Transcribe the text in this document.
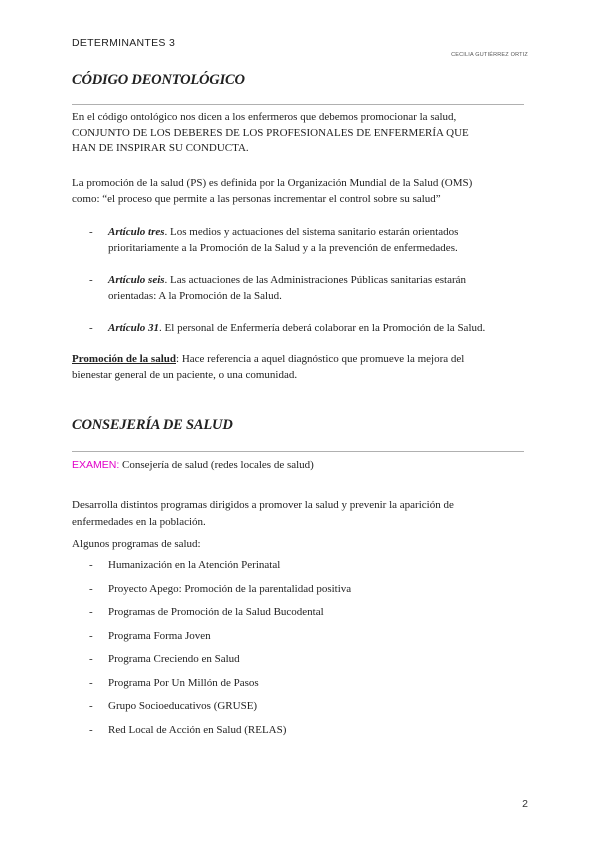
DETERMINANTES 3
CECILIA GUTIÉRREZ ORTIZ
CÓDIGO DEONTOLÓGICO
En el código ontológico nos dicen a los enfermeros que debemos promocionar la salud,
CONJUNTO DE LOS DEBERES DE LOS PROFESIONALES DE ENFERMERÍA QUE
HAN DE INSPIRAR SU CONDUCTA.
La promoción de la salud (PS) es definida por la Organización Mundial de la Salud (OMS)
como: “el proceso que permite a las personas incrementar el control sobre su salud”
- Artículo tres. Los medios y actuaciones del sistema sanitario estarán orientados
prioritariamente a la Promoción de la Salud y a la prevención de enfermedades.
- Artículo seis. Las actuaciones de las Administraciones Públicas sanitarias estarán
orientadas: A la Promoción de la Salud.
- Artículo 31. El personal de Enfermería deberá colaborar en la Promoción de la Salud.
Promoción de la salud: Hace referencia a aquel diagnóstico que promueve la mejora del
bienestar general de un paciente, o una comunidad.
CONSEJERÍA DE SALUD
EXAMEN: Consejería de salud (redes locales de salud)
Desarrolla distintos programas dirigidos a promover la salud y prevenir la aparición de
enfermedades en la población.
Algunos programas de salud:
- Humanización en la Atención Perinatal
- Proyecto Apego: Promoción de la parentalidad positiva
- Programas de Promoción de la Salud Bucodental
- Programa Forma Joven
- Programa Creciendo en Salud
- Programa Por Un Millón de Pasos
- Grupo Socioeducativos (GRUSE)
- Red Local de Acción en Salud (RELAS)
2
